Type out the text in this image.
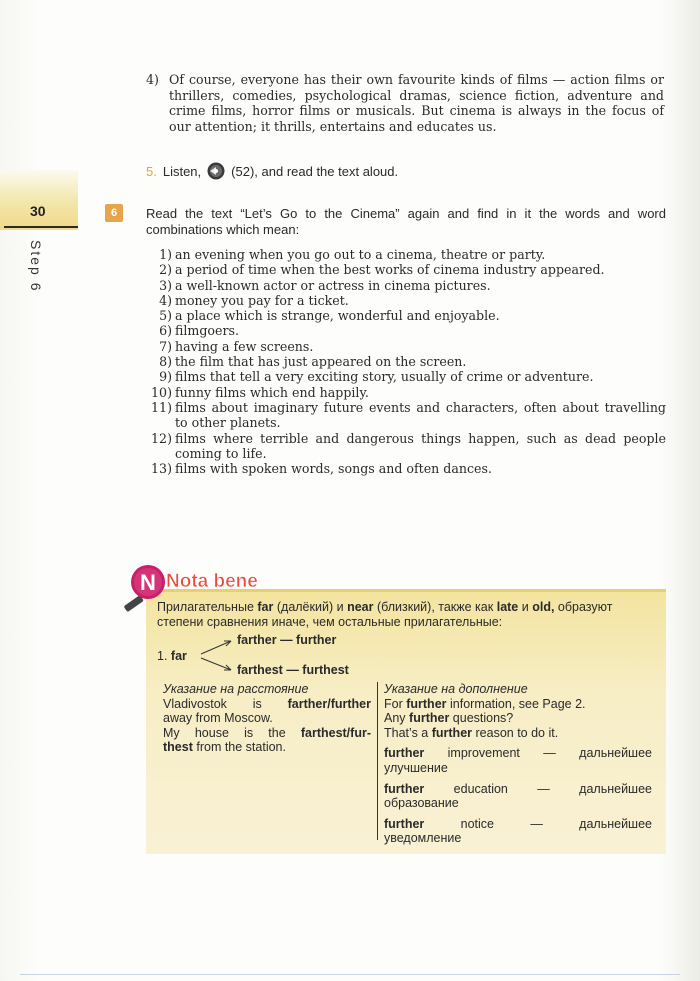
4) Of course, everyone has their own favourite kinds of films — action films or thrillers, comedies, psychological dramas, science fiction, adventure and crime films, horror films or musicals. But cinema is always in the focus of our attention; it thrills, entertains and educates us.
5. Listen, (52), and read the text aloud.
30
Step 6
6	Read the text “Let’s Go to the Cinema” again and find in it the words and word combinations which mean:
1) an evening when you go out to a cinema, theatre or party.
2) a period of time when the best works of cinema industry appeared.
3) a well-known actor or actress in cinema pictures.
4) money you pay for a ticket.
5) a place which is strange, wonderful and enjoyable.
6) filmgoers.
7) having a few screens.
8) the film that has just appeared on the screen.
9) films that tell a very exciting story, usually of crime or adventure.
10) funny films which end happily.
11) films about imaginary future events and characters, often about travelling to other planets.
12) films where terrible and dangerous things happen, such as dead people coming to life.
13) films with spoken words, songs and often dances.
N Nota bene
Прилагательные far (далёкий) и near (близкий), также как late и old, образуют степени сравнения иначе, чем остальные прилагательные:
1. far
farther — further
farthest — furthest
Указание на расстояние
Vladivostok is farther/further
away from Moscow.
My house is the farthest/fur-
thest from the station.
Указание на дополнение
For further information, see Page 2.
Any further questions?
That’s a further reason to do it.
further improvement — дальнейшее
улучшение
further education — дальнейшее
образование
further	notice	—	дальнейшее
уведомление
